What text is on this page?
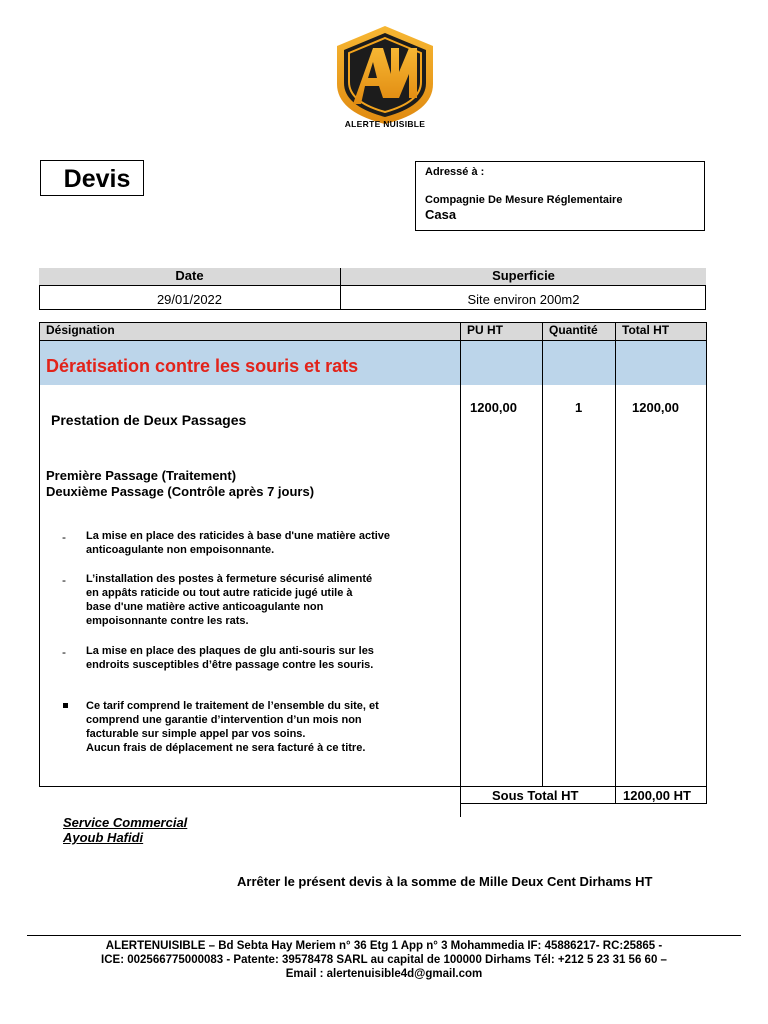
ALERTE NUISIBLE
Devis	Adressé à :
Compagnie De Mesure Réglementaire
Casa
Date	Superficie
29/01/2022	Site environ 200m2
Désignation	PU HT	Quantité Total HT
Dératisation contre les souris et rats
Prestation de Deux Passages
1200,00	1	1200,00
Première Passage (Traitement)
Deuxième Passage (Contrôle après 7 jours)
- La mise en place des raticides à base d'une matière active
anticoagulante non empoisonnante.
- L’installation des postes à fermeture sécurisé alimenté
en appâts raticide ou tout autre raticide jugé utile à
base d'une matière active anticoagulante non
empoisonnante contre les rats.
- La mise en place des plaques de glu anti-souris sur les
endroits susceptibles d’être passage contre les souris.
Ce tarif comprend le traitement de l’ensemble du site, et
comprend une garantie d’intervention d’un mois non
facturable sur simple appel par vos soins.
Aucun frais de déplacement ne sera facturé à ce titre.
Sous Total HT	1200,00 HT
Service Commercial
Ayoub Hafidi
Arrêter le présent devis à la somme de Mille Deux Cent Dirhams HT
ALERTENUISIBLE – Bd Sebta Hay Meriem n° 36 Etg 1 App n° 3 Mohammedia IF: 45886217- RC:25865 -
ICE: 002566775000083 - Patente: 39578478 SARL au capital de 100000 Dirhams Tél: +212 5 23 31 56 60 –
Email : alertenuisible4d@gmail.com
